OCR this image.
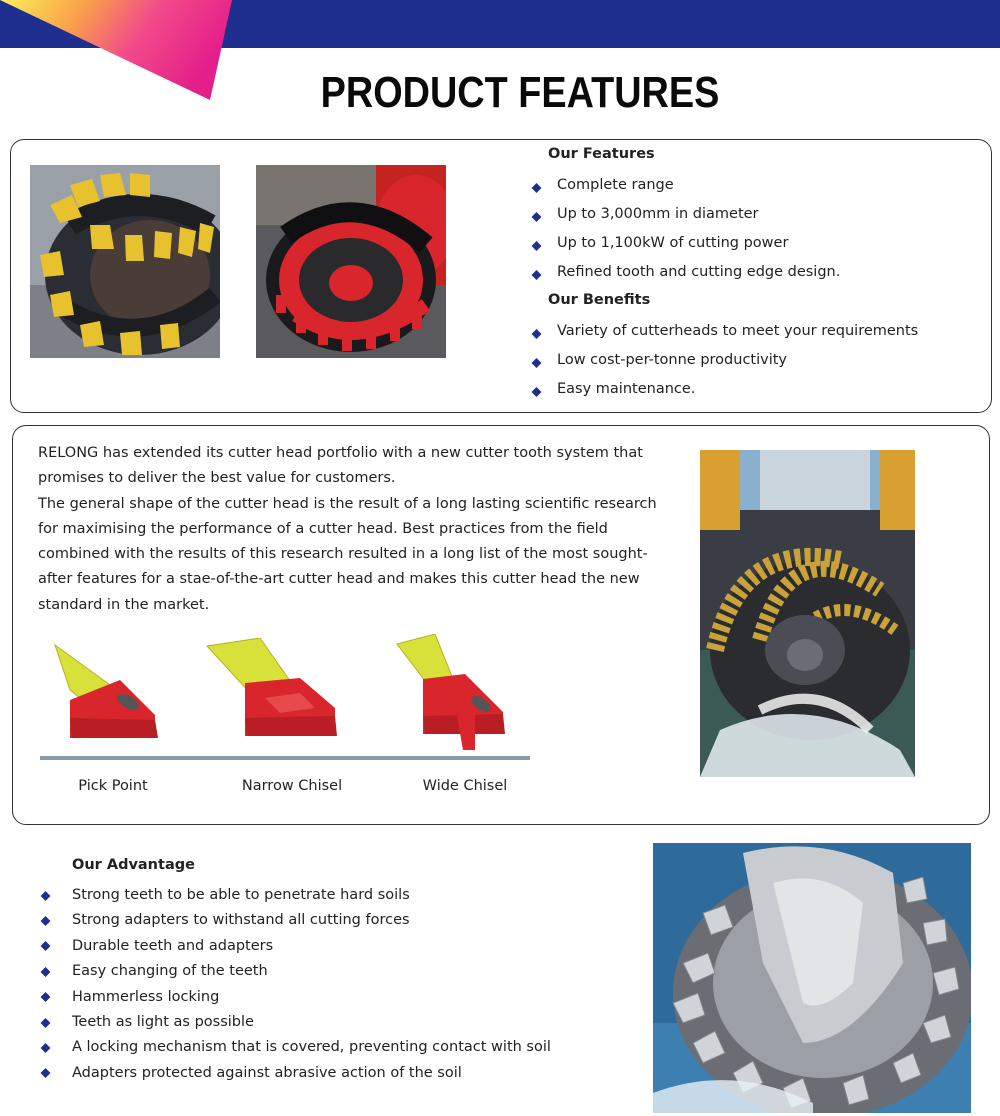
PRODUCT FEATURES
Our Features
Complete range
Up to 3,000mm in diameter
Up to 1,100kW of cutting power
Refined tooth and cutting edge design.
Our Benefits
Variety of cutterheads to meet your requirements
Low cost-per-tonne productivity
Easy maintenance.

RELONG has extended its cutter head portfolio with a new cutter tooth system that promises to deliver the best value for customers.

The general shape of the cutter head is the result of a long lasting scientific research for maximising the performance of a cutter head. Best practices from the field combined with the results of this research resulted in a long list of the most sought-after features for a stae-of-the-art cutter head and makes this cutter head the new standard in the market.

Pick Point	Narrow Chisel	Wide Chisel
Our Advantage
Strong teeth to be able to penetrate hard soils
Strong adapters to withstand all cutting forces
Durable teeth and adapters
Easy changing of the teeth
Hammerless locking
Teeth as light as possible
A locking mechanism that is covered, preventing contact with soil
Adapters protected against abrasive action of the soil
